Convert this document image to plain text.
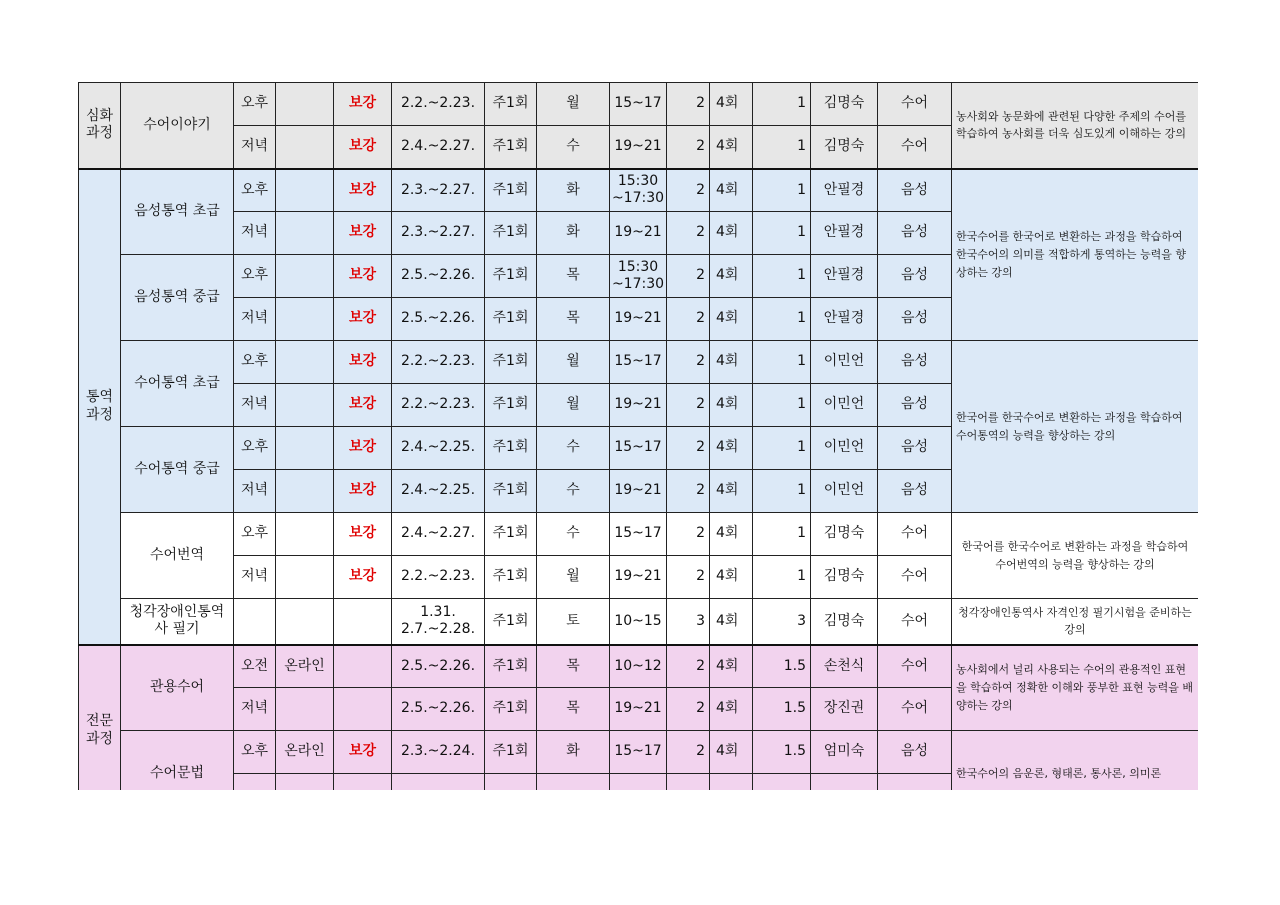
심화
과정	수어이야기	오후		보강	2.2.~2.23.	주1회	월	15~17	2	4회	1	김명숙	수어	농사회와 농문화에 관련된 다양한 주제의 수어를 학습하여 농사회를 더욱 심도있게 이해하는 강의
		저녁		보강	2.4.~2.27.	주1회	수	19~21	2	4회	1	김명숙	수어	
통역
과정	음성통역 초급	오후		보강	2.3.~2.27.	주1회	화	15:30
~17:30	2	4회	1	안필경	음성	한국수어를 한국어로 변환하는 과정을 학습하여 한국수어의 의미를 적합하게 통역하는 능력을 향상하는 강의
		저녁		보강	2.3.~2.27.	주1회	화	19~21	2	4회	1	안필경	음성	
	음성통역 중급	오후		보강	2.5.~2.26.	주1회	목	15:30
~17:30	2	4회	1	안필경	음성	
		저녁		보강	2.5.~2.26.	주1회	목	19~21	2	4회	1	안필경	음성	
	수어통역 초급	오후		보강	2.2.~2.23.	주1회	월	15~17	2	4회	1	이민언	음성	한국어를 한국수어로 변환하는 과정을 학습하여 수어통역의 능력을 향상하는 강의
		저녁		보강	2.2.~2.23.	주1회	월	19~21	2	4회	1	이민언	음성	
	수어통역 중급	오후		보강	2.4.~2.25.	주1회	수	15~17	2	4회	1	이민언	음성	
		저녁		보강	2.4.~2.25.	주1회	수	19~21	2	4회	1	이민언	음성	
	수어번역	오후		보강	2.4.~2.27.	주1회	수	15~17	2	4회	1	김명숙	수어	한국어를 한국수어로 변환하는 과정을 학습하여 수어번역의 능력을 향상하는 강의
		저녁		보강	2.2.~2.23.	주1회	월	19~21	2	4회	1	김명숙	수어	
	청각장애인통역
사 필기				1.31.
2.7.~2.28.	주1회	토	10~15	3	4회	3	김명숙	수어	청각장애인통역사 자격인정 필기시험을 준비하는 강의
전문
과정	관용수어	오전	온라인		2.5.~2.26.	주1회	목	10~12	2	4회	1.5	손천식	수어	농사회에서 널리 사용되는 수어의 관용적인 표현을 학습하여 정확한 이해와 풍부한 표현 능력을 배양하는 강의
		저녁			2.5.~2.26.	주1회	목	19~21	2	4회	1.5	장진권	수어	
	수어문법	오후	온라인	보강	2.3.~2.24.	주1회	화	15~17	2	4회	1.5	엄미숙	음성	한국수어의 음운론, 형태론, 통사론, 의미론
